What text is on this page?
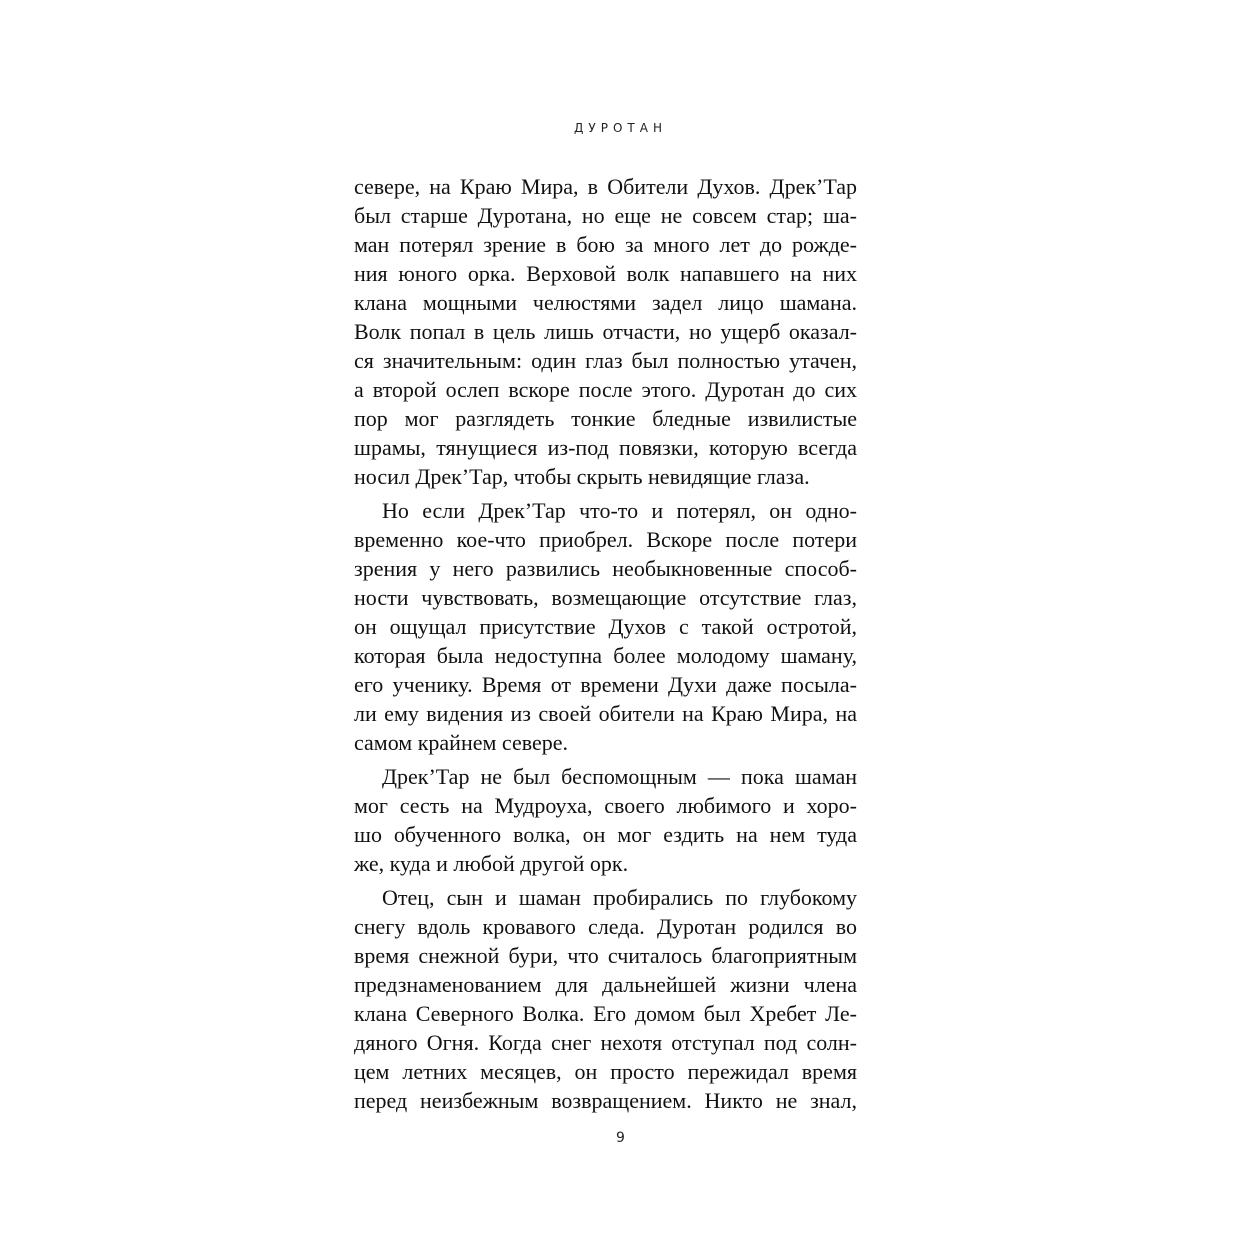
ДУРОТАН
севере, на Краю Мира, в Обители Духов. Дрек’Тар
был старше Дуротана, но еще не совсем стар; ша-
ман потерял зрение в бою за много лет до рожде-
ния юного орка. Верховой волк напавшего на них
клана мощными челюстями задел лицо шамана.
Волк попал в цель лишь отчасти, но ущерб оказал-
ся значительным: один глаз был полностью утачен,
а второй ослеп вскоре после этого. Дуротан до сих
пор мог разглядеть тонкие бледные извилистые
шрамы, тянущиеся из-под повязки, которую всегда
носил Дрек’Тар, чтобы скрыть невидящие глаза.
Но если Дрек’Тар что-то и потерял, он одно-
временно кое-что приобрел. Вскоре после потери
зрения у него развились необыкновенные способ-
ности чувствовать, возмещающие отсутствие глаз,
он ощущал присутствие Духов с такой остротой,
которая была недоступна более молодому шаману,
его ученику. Время от времени Духи даже посыла-
ли ему видения из своей обители на Краю Мира, на
самом крайнем севере.
Дрек’Тар не был беспомощным — пока шаман
мог сесть на Мудроуха, своего любимого и хоро-
шо обученного волка, он мог ездить на нем туда
же, куда и любой другой орк.
Отец, сын и шаман пробирались по глубокому
снегу вдоль кровавого следа. Дуротан родился во
время снежной бури, что считалось благоприятным
предзнаменованием для дальнейшей жизни члена
клана Северного Волка. Его домом был Хребет Ле-
дяного Огня. Когда снег нехотя отступал под солн-
цем летних месяцев, он просто пережидал время
перед неизбежным возвращением. Никто не знал,
9
